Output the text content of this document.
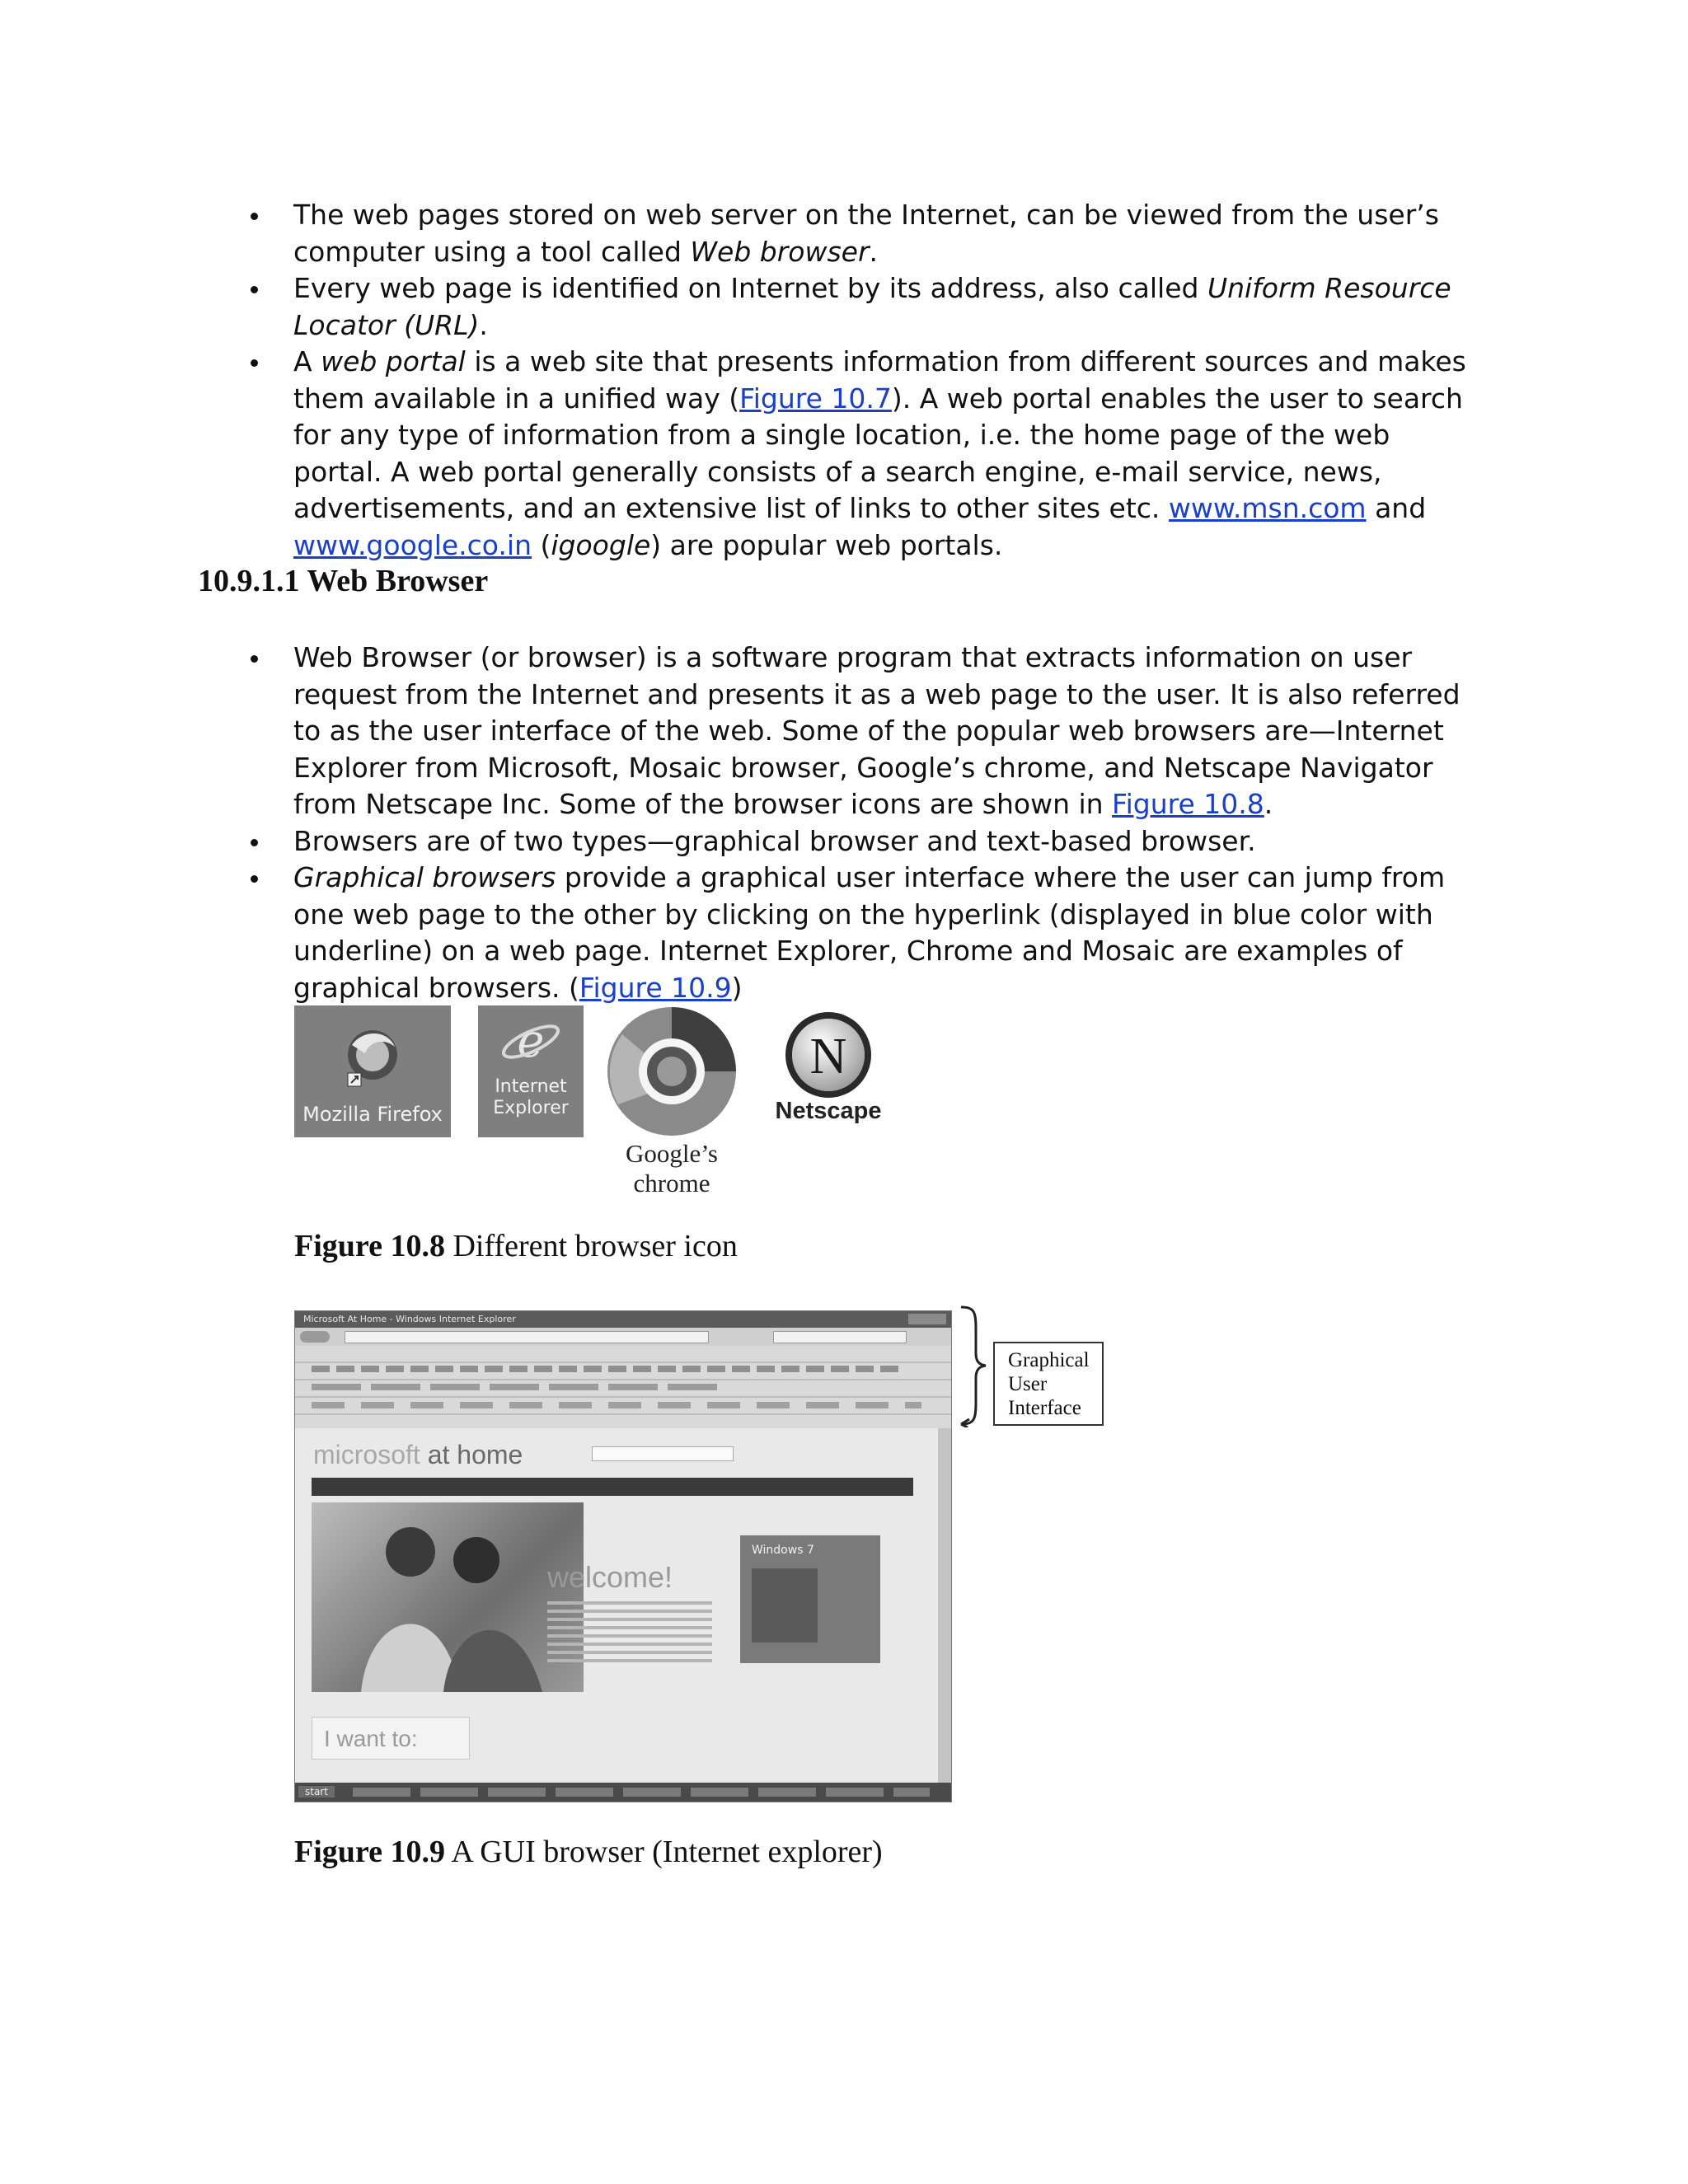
The web pages stored on web server on the Internet, can be viewed from the user’s computer using a tool called Web browser.
Every web page is identified on Internet by its address, also called Uniform Resource Locator (URL).
A web portal is a web site that presents information from different sources and makes them available in a unified way (Figure 10.7). A web portal enables the user to search for any type of information from a single location, i.e. the home page of the web portal. A web portal generally consists of a search engine, e-mail service, news, advertisements, and an extensive list of links to other sites etc. www.msn.com and www.google.co.in (igoogle) are popular web portals.
10.9.1.1 Web Browser
Web Browser (or browser) is a software program that extracts information on user request from the Internet and presents it as a web page to the user. It is also referred to as the user interface of the web. Some of the popular web browsers are—Internet Explorer from Microsoft, Mosaic browser, Google’s chrome, and Netscape Navigator from Netscape Inc. Some of the browser icons are shown in Figure 10.8.
Browsers are of two types—graphical browser and text-based browser.
Graphical browsers provide a graphical user interface where the user can jump from one web page to the other by clicking on the hyperlink (displayed in blue color with underline) on a web page. Internet Explorer, Chrome and Mosaic are examples of graphical browsers. (Figure 10.9)
Mozilla Firefox
e
Internet
Explorer
Google’s
chrome
N
Netscape
Figure 10.8 Different browser icon
Microsoft At Home - Windows Internet Explorer
microsoft at home
welcome!
Windows 7
I want to:
start
Graphical
User
Interface
Figure 10.9 A GUI browser (Internet explorer)
